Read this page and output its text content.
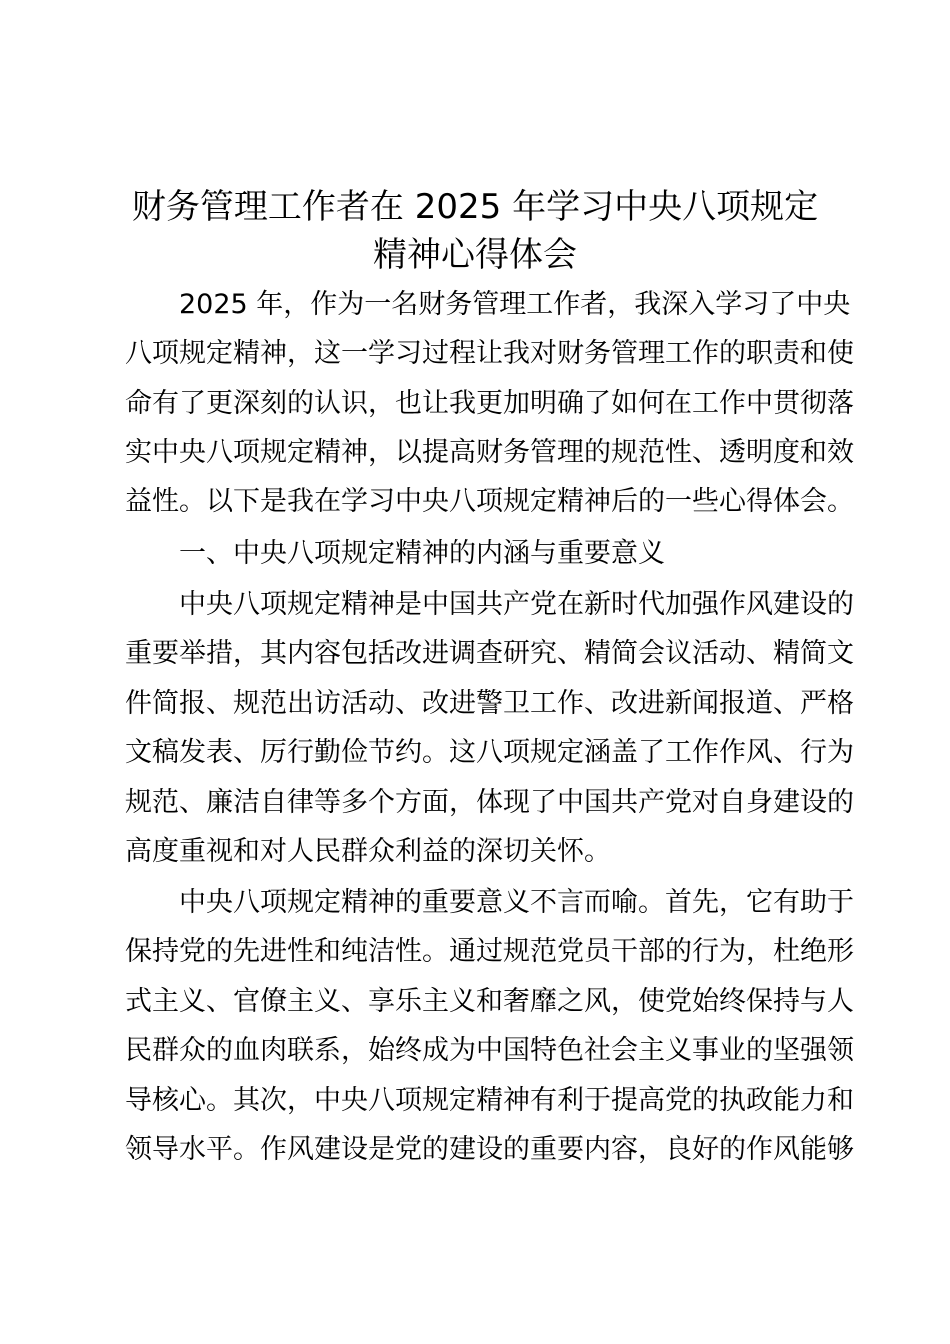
财务管理工作者在 2025 年学习中央八项规定
精神心得体会

　　2025 年，作为一名财务管理工作者，我深入学习了中央

八项规定精神，这一学习过程让我对财务管理工作的职责和使

命有了更深刻的认识，也让我更加明确了如何在工作中贯彻落

实中央八项规定精神，以提高财务管理的规范性、透明度和效

益性。以下是我在学习中央八项规定精神后的一些心得体会。

　　一、中央八项规定精神的内涵与重要意义

　　中央八项规定精神是中国共产党在新时代加强作风建设的

重要举措，其内容包括改进调查研究、精简会议活动、精简文

件简报、规范出访活动、改进警卫工作、改进新闻报道、严格

文稿发表、厉行勤俭节约。这八项规定涵盖了工作作风、行为

规范、廉洁自律等多个方面，体现了中国共产党对自身建设的

高度重视和对人民群众利益的深切关怀。

　　中央八项规定精神的重要意义不言而喻。首先，它有助于

保持党的先进性和纯洁性。通过规范党员干部的行为，杜绝形

式主义、官僚主义、享乐主义和奢靡之风，使党始终保持与人

民群众的血肉联系，始终成为中国特色社会主义事业的坚强领

导核心。其次，中央八项规定精神有利于提高党的执政能力和

领导水平。作风建设是党的建设的重要内容，良好的作风能够
